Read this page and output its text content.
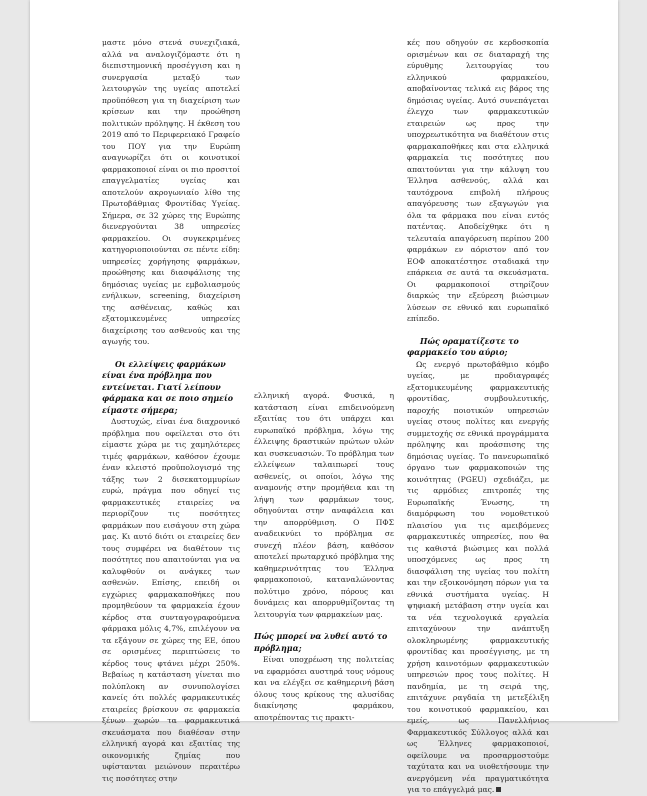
μαστε μόνο στενά συνεχιζιακά, αλλά να αναλογιζόμαστε ότι η διεπιστημονική προσέγγιση και η συνεργασία μεταξύ των λειτουργών της υγείας αποτελεί προϋπόθεση για τη διαχείριση των κρίσεων και την προώθηση πολιτικών πρόληψης. Η έκθεση του 2019 από το Περιφερειακό Γραφείο του ΠΟΥ για την Ευρώπη αναγνωρίζει ότι οι κοινοτικοί φαρμακοποιοί είναι οι πιο προσιτοί επαγγελματίες υγείας και αποτελούν ακρογωνιαίο λίθο της Πρωτοβάθμιας Φροντίδας Υγείας. Σήμερα, σε 32 χώρες της Ευρώπης διενεργούνται 38 υπηρεσίες φαρμακείου. Οι συγκεκριμένες κατηγοριοποιούνται σε πέντε είδη: υπηρεσίες χορήγησης φαρμάκων, προώθησης και διασφάλισης της δημόσιας υγείας με εμβολιασμούς ενήλικων, screening, διαχείριση της ασθένειας, καθώς και εξατομικευμένες υπηρεσίες διαχείρισης του ασθενούς και της αγωγής του.

Οι ελλείψεις φαρμάκων είναι ένα πρόβλημα που εντείνεται. Γιατί λείπουν φάρμακα και σε ποιο σημείο είμαστε σήμερα;

Δυστυχώς, είναι ένα διαχρονικό πρόβλημα που οφείλεται στο ότι είμαστε χώρα με τις χαμηλότερες τιμές φαρμάκων, καθόσον έχουμε έναν κλειστό προϋπολογισμό της τάξης των 2 δισεκατομμυρίων ευρώ, πράγμα που οδηγεί τις φαρμακευτικές εταιρείες να περιορίζουν τις ποσότητες φαρμάκων που εισάγουν στη χώρα μας. Κι αυτό διότι οι εταιρείες δεν τους συμφέρει να διαθέτουν τις ποσότητες που απαιτούνται για να καλυφθούν οι ανάγκες των ασθενών. Επίσης, επειδή οι εγχώριες φαρμακαποθήκες που προμηθεύουν τα φαρμακεία έχουν κέρδος στα συνταγογραφούμενα φάρμακα μόλις 4,7%, επιλέγουν να τα εξάγουν σε χώρες της ΕΕ, όπου σε ορισμένες περιπτώσεις το κέρδος τους φτάνει μέχρι 250%. Βεβαίως η κατάσταση γίνεται πιο πολύπλοκη αν συνυπολογίσει κανείς ότι πολλές φαρμακευτικές εταιρείες βρίσκουν σε φαρμακεία ξένων χωρών τα φαρμακευτικά σκευάσματα που διαθέσαν στην ελληνική αγορά και εξαιτίας της οικονομικής ζημίας που υφίστανται μειώνουν περαιτέρω τις ποσότητες στην

ελληνική αγορά. Φυσικά, η κατάσταση είναι επιδεινούμενη εξαιτίας του ότι υπάρχει και ευρωπαϊκό πρόβλημα, λόγω της έλλειψης δραστικών πρώτων υλών και συσκευασιών. Το πρόβλημα των ελλείψεων ταλαιπωρεί τους ασθενείς, οι οποίοι, λόγω της αναμονής στην προμήθεια και τη λήψη των φαρμάκων τους, οδηγούνται στην αναφάλεια και την απορρύθμιση. Ο ΠΦΣ αναδεικνύει το πρόβλημα σε συνεχή πλέον βάση, καθόσον αποτελεί πρωταρχικό πρόβλημα της καθημερινότητας του Έλληνα φαρμακοποιού, καταναλώνοντας πολύτιμο χρόνο, πόρους και δυνάμεις και απορρυθμίζοντας τη λειτουργία των φαρμακείων μας.

Πώς μπορεί να λυθεί αυτό το πρόβλημα;

Είναι υποχρέωση της πολιτείας να εφαρμόσει αυστηρά τους νόμους και να ελέγξει σε καθημερινή βάση όλους τους κρίκους της αλυσίδας διακίνησης φαρμάκου, αποτρέποντας τις πρακτι-

κές που οδηγούν σε κερδοσκοπία ορισμένων και σε διαταραχή της εύρυθμης λειτουργίας του ελληνικού φαρμακείου, αποβαίνοντας τελικά εις βάρος της δημόσιας υγείας. Αυτό συνεπάγεται έλεγχο των φαρμακευτικών εταιρειών ως προς την υποχρεωτικότητα να διαθέτουν στις φαρμακαποθήκες και στα ελληνικά φαρμακεία τις ποσότητες που απαιτούνται για την κάλυψη του Έλληνα ασθενούς, αλλά και ταυτόχρονα επιβολή πλήρους απαγόρευσης των εξαγωγών για όλα τα φάρμακα που είναι εντός πατέντας. Αποδείχθηκε ότι η τελευταία απαγόρευση περίπου 200 φαρμάκων εν αόριστον από τον ΕΟΦ αποκατέστησε σταδιακά την επάρκεια σε αυτά τα σκευάσματα. Οι φαρμακοποιοί στηρίζουν διαρκώς την εξεύρεση βιώσιμων λύσεων σε εθνικό και ευρωπαϊκό επίπεδο.

Πώς οραματίζεστε το φαρμακείο του αύριο;

Ως ενεργό πρωτοβάθμιο κόμβο υγείας, με προδιαγραφές εξατομικευμένης φαρμακευτικής φροντίδας, συμβουλευτικής, παροχής ποιοτικών υπηρεσιών υγείας στους πολίτες και ενεργής συμμετοχής σε εθνικά προγράμματα πρόληψης και προάσπισης της δημόσιας υγείας. Το πανευρωπαϊκό όργανο των φαρμακοποιών της κοινότητας (PGEU) σχεδιάζει, με τις αρμόδιες επιτροπές της Ευρωπαϊκής Ένωσης, τη διαμόρφωση του νομοθετικού πλαισίου για τις αμειβόμενες φαρμακευτικές υπηρεσίες, που θα τις καθιστά βιώσιμες και πολλά υποσχόμενες ως προς τη διασφάλιση της υγείας του πολίτη και την εξοικονόμηση πόρων για τα εθνικά συστήματα υγείας. Η ψηφιακή μετάβαση στην υγεία και τα νέα τεχνολογικά εργαλεία επιταχύνουν την ανάπτυξη ολοκληρωμένης φαρμακευτικής φροντίδας και προσέγγισης, με τη χρήση καινοτόμων φαρμακευτικών υπηρεσιών προς τους πολίτες. Η πανδημία, με τη σειρά της, επιτάχυνε ραγδαία τη μετεξέλιξη του κοινοτικού φαρμακείου, και εμείς, ως Πανελλήνιος Φαρμακευτικός Σύλλογος αλλά και ως Έλληνες φαρμακοποιοί, οφείλουμε να προσαρμοστούμε ταχύτατα και να υιοθετήσουμε την ανεργόμενη νέα πραγματικότητα για το επάγγελμά μας.
